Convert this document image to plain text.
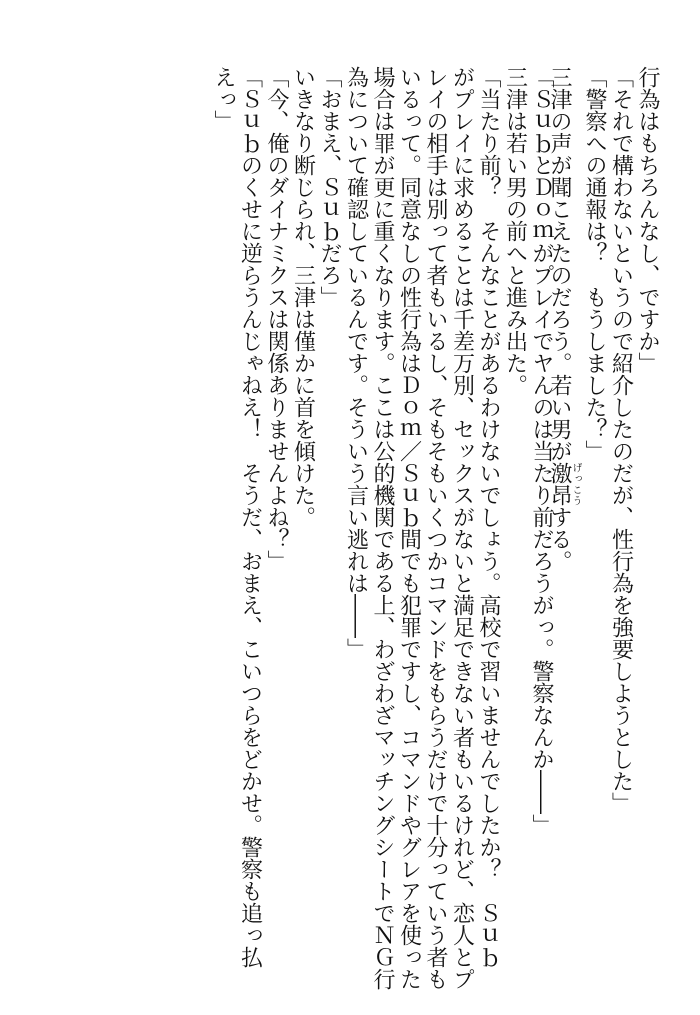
行為はもちろんなし、ですか」
「それで構わないというので紹介したのだが、性行為を強要しようとした」
「警察への通報は？　もうしました？」
三津の声が聞こえたのだろう。若い男が激昂げっこうする。
「ＳｕｂとＤｏｍがプレイでヤんのは当たり前だろうがっ。警察なんか――」
三津は若い男の前へと進み出た。
「当たり前？　そんなことがあるわけないでしょう。高校で習いませんでしたか？　Ｓｕｂ
がプレイに求めることは千差万別、セックスがないと満足できない者もいるけれど、恋人とプ
レイの相手は別って者もいるし、そもそもいくつかコマンドをもらうだけで十分っていう者も
いるって。同意なしの性行為はＤｏｍ／Ｓｕｂ間でも犯罪ですし、コマンドやグレアを使った
場合は罪が更に重くなります。ここは公的機関である上、わざわざマッチングシートでＮＧ行
為について確認しているんです。そういう言い逃れは――」
「おまえ、Ｓｕｂだろ」
いきなり断じられ、三津は僅かに首を傾けた。
「今、俺のダイナミクスは関係ありませんよね？」
「Ｓｕｂのくせに逆らうんじゃねえ！　そうだ、おまえ、こいつらをどかせ。警察も追っ払
えっ」
